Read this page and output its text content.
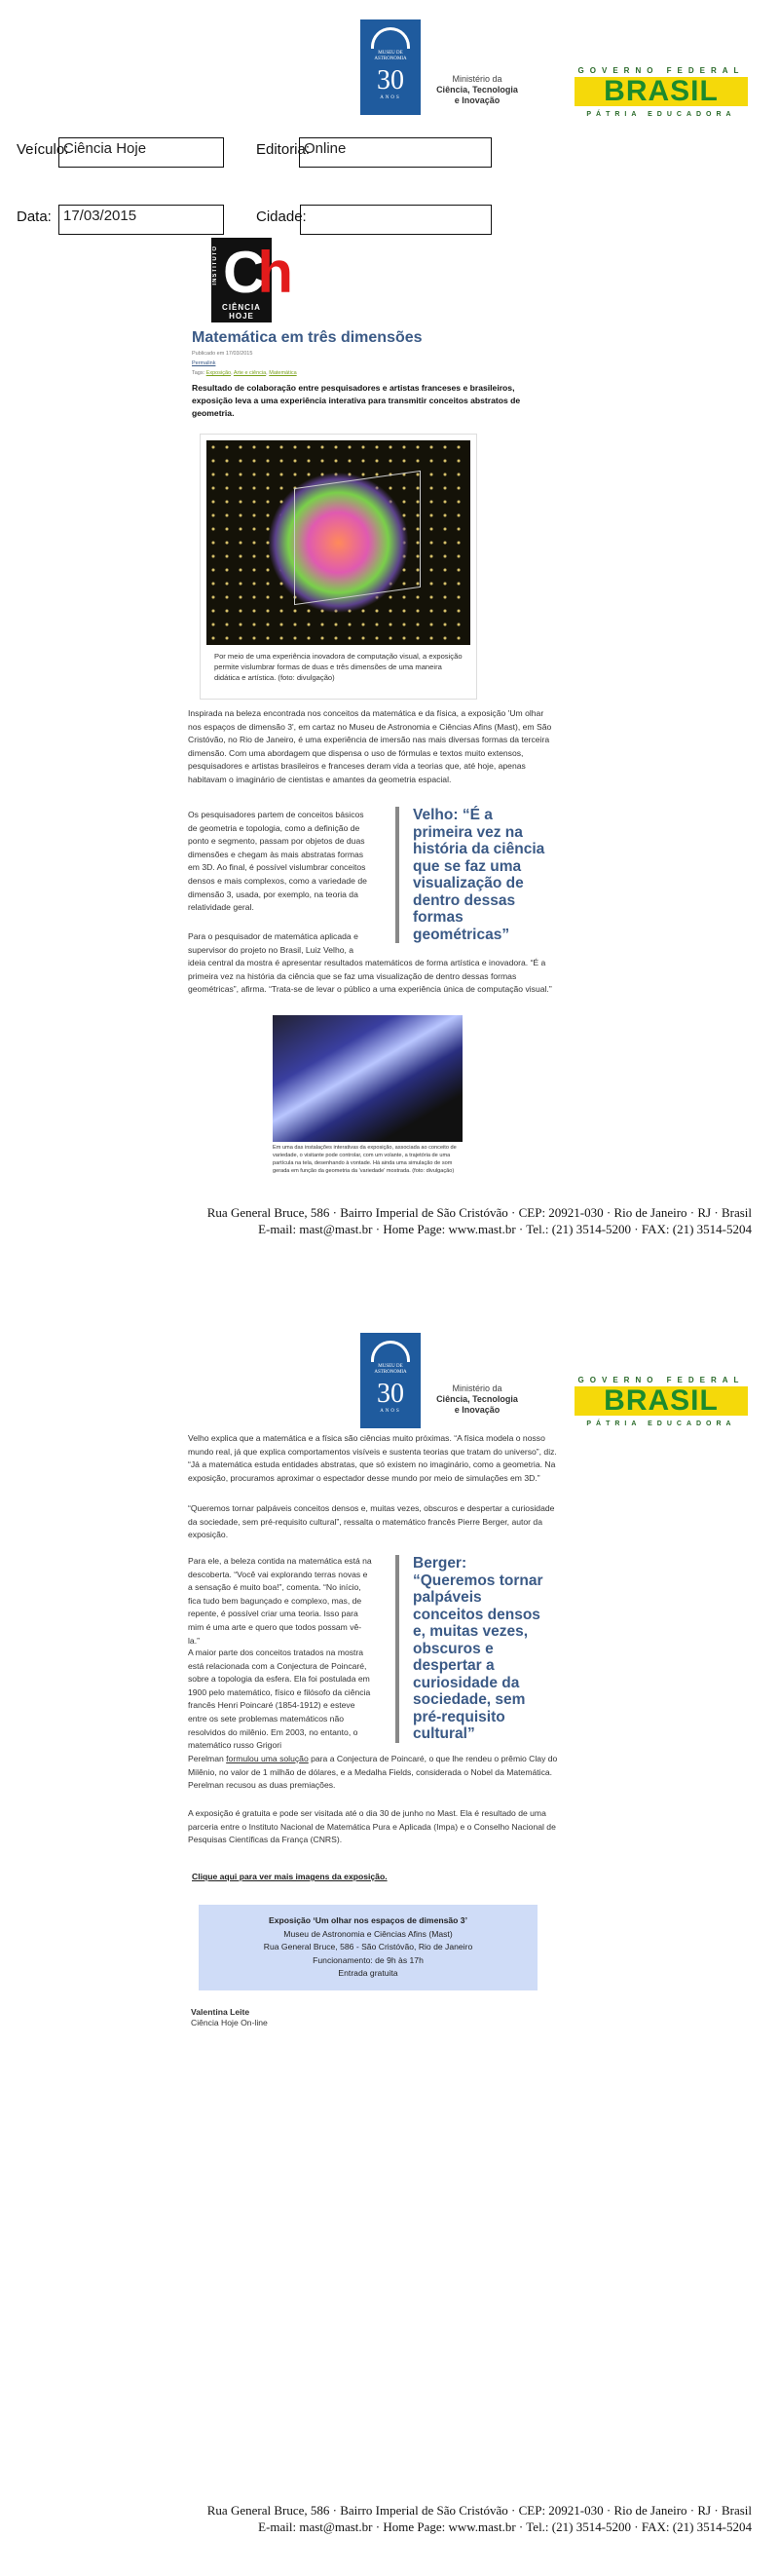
MUSEU DE
ASTRONOMIA
30
ANOS
Ministério da
Ciência, Tecnologia
e Inovação
GOVERNO FEDERAL
BRASIL
PÁTRIA EDUCADORA
Veículo:
Ciência Hoje	Editoria:
Online
Data: 17/03/2015	Cidade:
INSTITUTO Ch
CIÊNCIA HOJE
Matemática em três dimensões
Publicado em 17/03/2015
Permalink
Tags: Exposição, Arte e ciência, Matemática
Resultado de colaboração entre pesquisadores e artistas franceses e brasileiros, exposição leva a uma experiência interativa para transmitir conceitos abstratos de geometria.
Por meio de uma experiência inovadora de computação visual, a exposição permite vislumbrar formas de duas e três dimensões de uma maneira didática e artística. (foto: divulgação)
Inspirada na beleza encontrada nos conceitos da matemática e da física, a exposição 'Um olhar nos espaços de dimensão 3', em cartaz no Museu de Astronomia e Ciências Afins (Mast), em São Cristóvão, no Rio de Janeiro, é uma experiência de imersão nas mais diversas formas da terceira dimensão. Com uma abordagem que dispensa o uso de fórmulas e textos muito extensos, pesquisadores e artistas brasileiros e franceses deram vida a teorias que, até hoje, apenas habitavam o imaginário de cientistas e amantes da geometria espacial.
Os pesquisadores partem de conceitos básicos de geometria e topologia, como a definição de ponto e segmento, passam por objetos de duas dimensões e chegam às mais abstratas formas em 3D. Ao final, é possível vislumbrar conceitos densos e mais complexos, como a variedade de dimensão 3, usada, por exemplo, na teoria da relatividade geral.
Velho: “É a primeira vez na história da ciência que se faz uma visualização de dentro dessas formas geométricas”
Para o pesquisador de matemática aplicada e supervisor do projeto no Brasil, Luiz Velho, a
ideia central da mostra é apresentar resultados matemáticos de forma artística e inovadora. “É a primeira vez na história da ciência que se faz uma visualização de dentro dessas formas geométricas”, afirma. “Trata-se de levar o público a uma experiência única de computação visual.”
Em uma das instalações interativas da exposição, associada ao conceito de variedade, o visitante pode controlar, com um volante, a trajetória de uma partícula na tela, desenhando à vontade. Há ainda uma simulação de som gerada em função da geometria da 'variedade' mostrada. (foto: divulgação)
Rua General Bruce, 586 · Bairro Imperial de São Cristóvão · CEP: 20921-030 · Rio de Janeiro · RJ · Brasil
E-mail: mast@mast.br · Home Page: www.mast.br · Tel.: (21) 3514-5200 · FAX: (21) 3514-5204
MUSEU DE
ASTRONOMIA
30
ANOS
Ministério da
Ciência, Tecnologia
e Inovação
GOVERNO FEDERAL
BRASIL
PÁTRIA EDUCADORA
Velho explica que a matemática e a física são ciências muito próximas. “A física modela o nosso mundo real, já que explica comportamentos visíveis e sustenta teorias que tratam do universo”, diz. “Já a matemática estuda entidades abstratas, que só existem no imaginário, como a geometria. Na exposição, procuramos aproximar o espectador desse mundo por meio de simulações em 3D.”
“Queremos tornar palpáveis conceitos densos e, muitas vezes, obscuros e despertar a curiosidade da sociedade, sem pré-requisito cultural”, ressalta o matemático francês Pierre Berger, autor da exposição.
Para ele, a beleza contida na matemática está na descoberta. “Você vai explorando terras novas e a sensação é muito boa!”, comenta. “No início, fica tudo bem bagunçado e complexo, mas, de repente, é possível criar uma teoria. Isso para mim é uma arte e quero que todos possam vê-la.”
Berger: “Queremos tornar palpáveis conceitos densos e, muitas vezes, obscuros e despertar a curiosidade da sociedade, sem pré-requisito cultural”
A maior parte dos conceitos tratados na mostra está relacionada com a Conjectura de Poincaré, sobre a topologia da esfera. Ela foi postulada em 1900 pelo matemático, físico e filósofo da ciência francês Henri Poincaré (1854-1912) e esteve entre os sete problemas matemáticos não resolvidos do milênio. Em 2003, no entanto, o matemático russo Grigori
Perelman formulou uma solução para a Conjectura de Poincaré, o que lhe rendeu o prêmio Clay do Milênio, no valor de 1 milhão de dólares, e a Medalha Fields, considerada o Nobel da Matemática. Perelman recusou as duas premiações.
A exposição é gratuita e pode ser visitada até o dia 30 de junho no Mast. Ela é resultado de uma parceria entre o Instituto Nacional de Matemática Pura e Aplicada (Impa) e o Conselho Nacional de Pesquisas Científicas da França (CNRS).
Clique aqui para ver mais imagens da exposição.
Exposição ‘Um olhar nos espaços de dimensão 3’
Museu de Astronomia e Ciências Afins (Mast)
Rua General Bruce, 586 - São Cristóvão, Rio de Janeiro
Funcionamento: de 9h às 17h
Entrada gratuita
Valentina Leite
Ciência Hoje On-line
Rua General Bruce, 586 · Bairro Imperial de São Cristóvão · CEP: 20921-030 · Rio de Janeiro · RJ · Brasil
E-mail: mast@mast.br · Home Page: www.mast.br · Tel.: (21) 3514-5200 · FAX: (21) 3514-5204
